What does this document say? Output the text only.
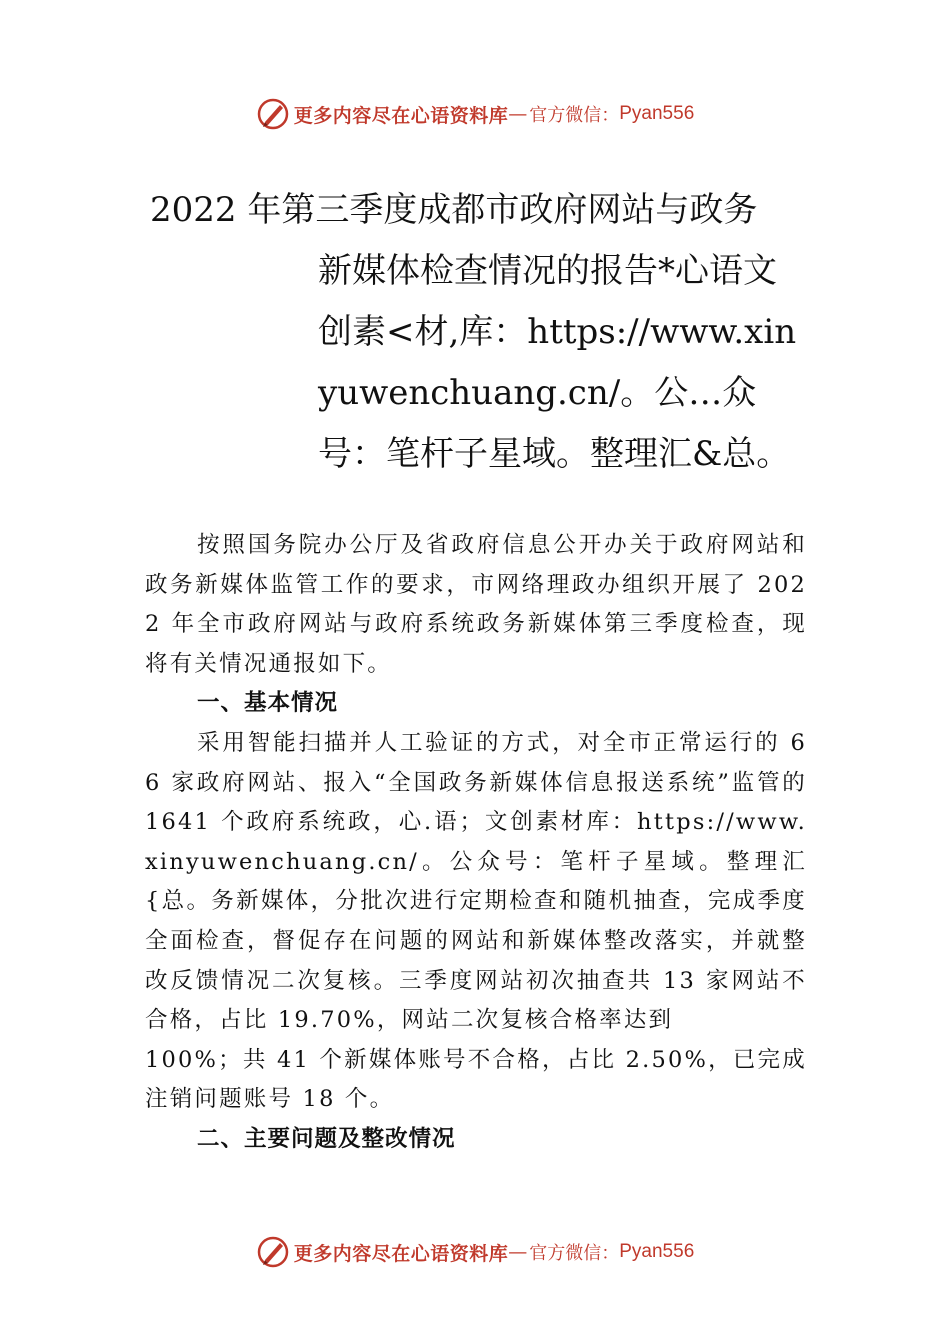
更多内容尽在心语资料库 — 官方微信： Pyan556
2022 年第三季度成都市政府网站与政务
新媒体检查情况的报告*心语文创素<材,库：https://www.xinyuwenchuang.cn/。公…众号：笔杆子星域。整理汇&总。

按照国务院办公厅及省政府信息公开办关于政府网站和政务新媒体监管工作的要求，市网络理政办组织开展了 2022 年全市政府网站与政府系统政务新媒体第三季度检查，现将有关情况通报如下。

一、基本情况

采用智能扫描并人工验证的方式，对全市正常运行的 66 家政府网站、报入“全国政务新媒体信息报送系统”监管的 1641 个政府系统政，心.语；文创素材库：https://www.xinyuwenchuang.cn/。公众号：笔杆子星域。整理汇{总。务新媒体，分批次进行定期检查和随机抽查，完成季度全面检查，督促存在问题的网站和新媒体整改落实，并就整改反馈情况二次复核。三季度网站初次抽查共 13 家网站不合格，占比 19.70%，网站二次复核合格率达到

100%；共 41 个新媒体账号不合格，占比 2.50%，已完成注销问题账号 18 个。

二、主要问题及整改情况

更多内容尽在心语资料库 — 官方微信： Pyan556
